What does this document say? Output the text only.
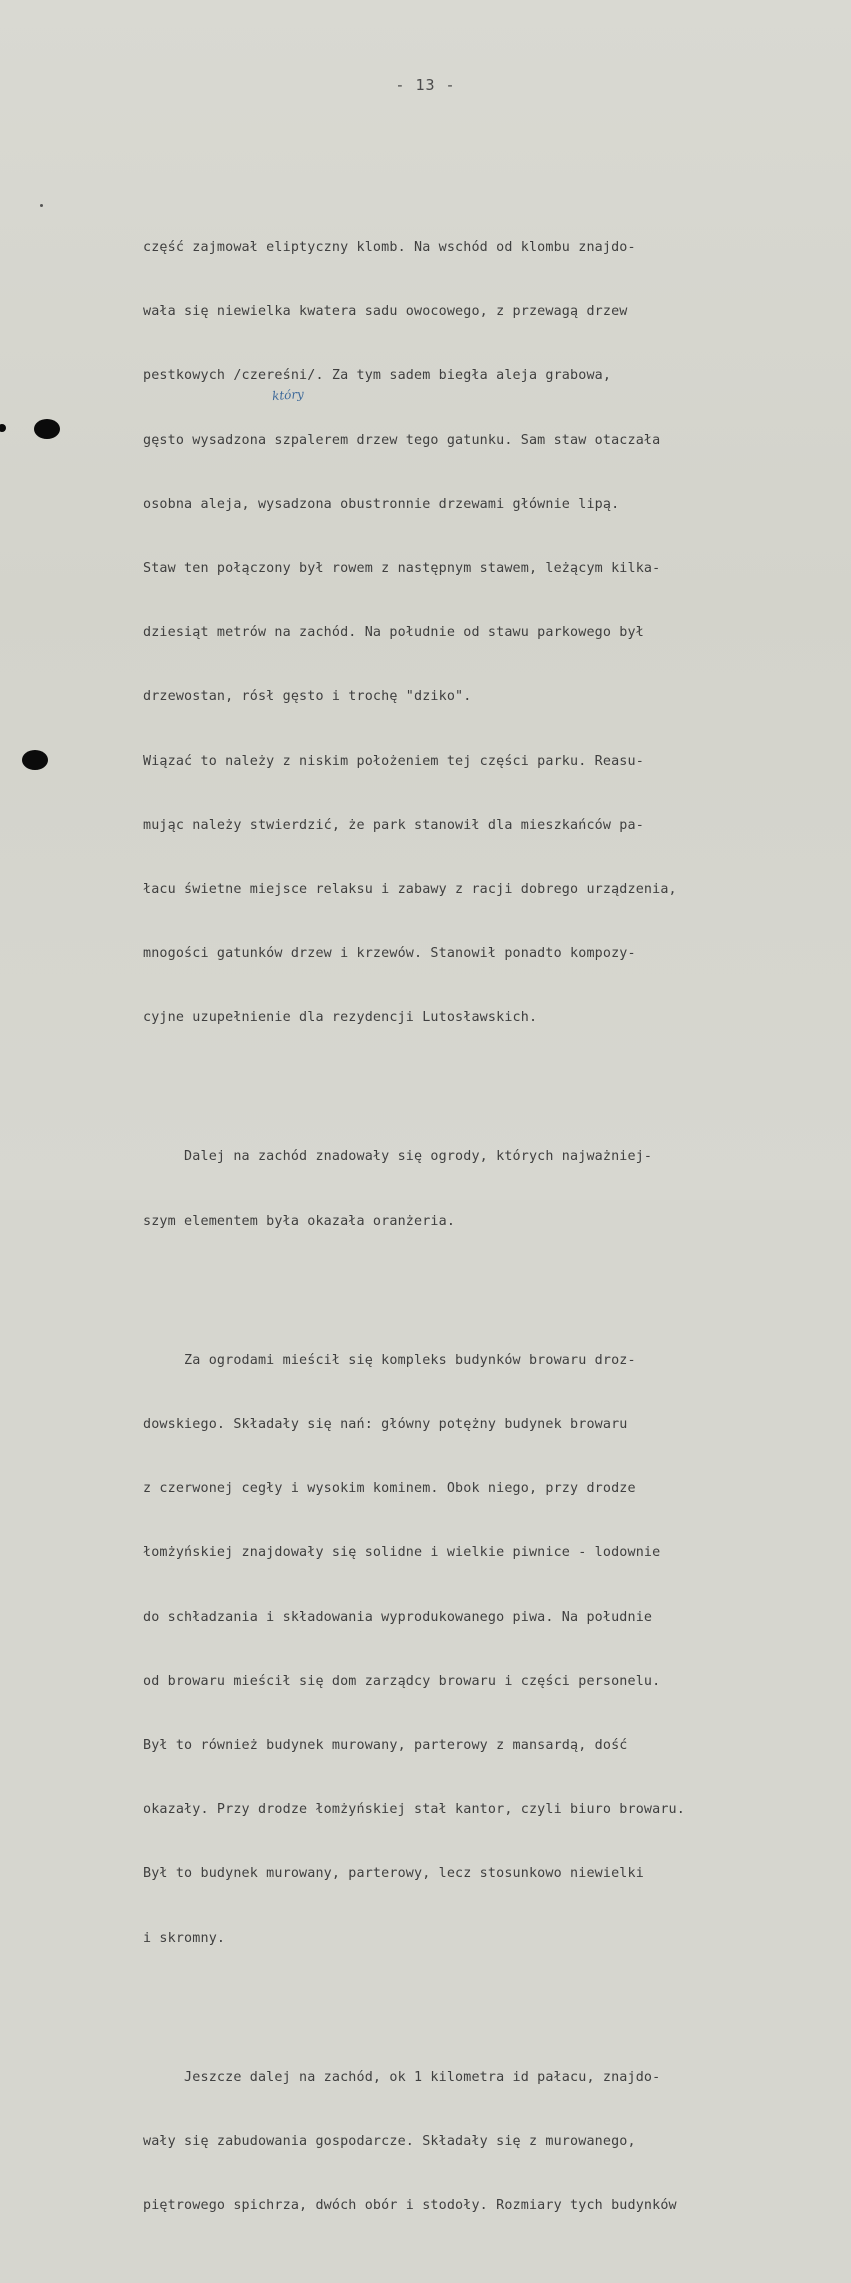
- 13 -
który

część zajmował eliptyczny klomb. Na wschód od klombu znajdo-

wała się niewielka kwatera sadu owocowego, z przewagą drzew

pestkowych /czereśni/. Za tym sadem biegła aleja grabowa,

gęsto wysadzona szpalerem drzew tego gatunku. Sam staw otaczała

osobna aleja, wysadzona obustronnie drzewami głównie lipą.

Staw ten połączony był rowem z następnym stawem, leżącym kilka-

dziesiąt metrów na zachód. Na południe od stawu parkowego był

drzewostan, rósł gęsto i trochę "dziko".

Wiązać to należy z niskim położeniem tej części parku. Reasu-

mując należy stwierdzić, że park stanowił dla mieszkańców pa-

łacu świetne miejsce relaksu i zabawy z racji dobrego urządzenia,

mnogości gatunków drzew i krzewów. Stanowił ponadto kompozy-

cyjne uzupełnienie dla rezydencji Lutosławskich.

Dalej na zachód znadowały się ogrody, których najważniej-

szym elementem była okazała oranżeria.

Za ogrodami mieścił się kompleks budynków browaru droz-

dowskiego. Składały się nań: główny potężny budynek browaru

z czerwonej cegły i wysokim kominem. Obok niego, przy drodze

łomżyńskiej znajdowały się solidne i wielkie piwnice - lodownie

do schładzania i składowania wyprodukowanego piwa. Na południe

od browaru mieścił się dom zarządcy browaru i części personelu.

Był to również budynek murowany, parterowy z mansardą, dość

okazały. Przy drodze łomżyńskiej stał kantor, czyli biuro browaru.

Był to budynek murowany, parterowy, lecz stosunkowo niewielki

i skromny.

Jeszcze dalej na zachód, ok 1 kilometra id pałacu, znajdo-

wały się zabudowania gospodarcze. Składały się z murowanego,

piętrowego spichrza, dwóch obór i stodoły. Rozmiary tych budynków
